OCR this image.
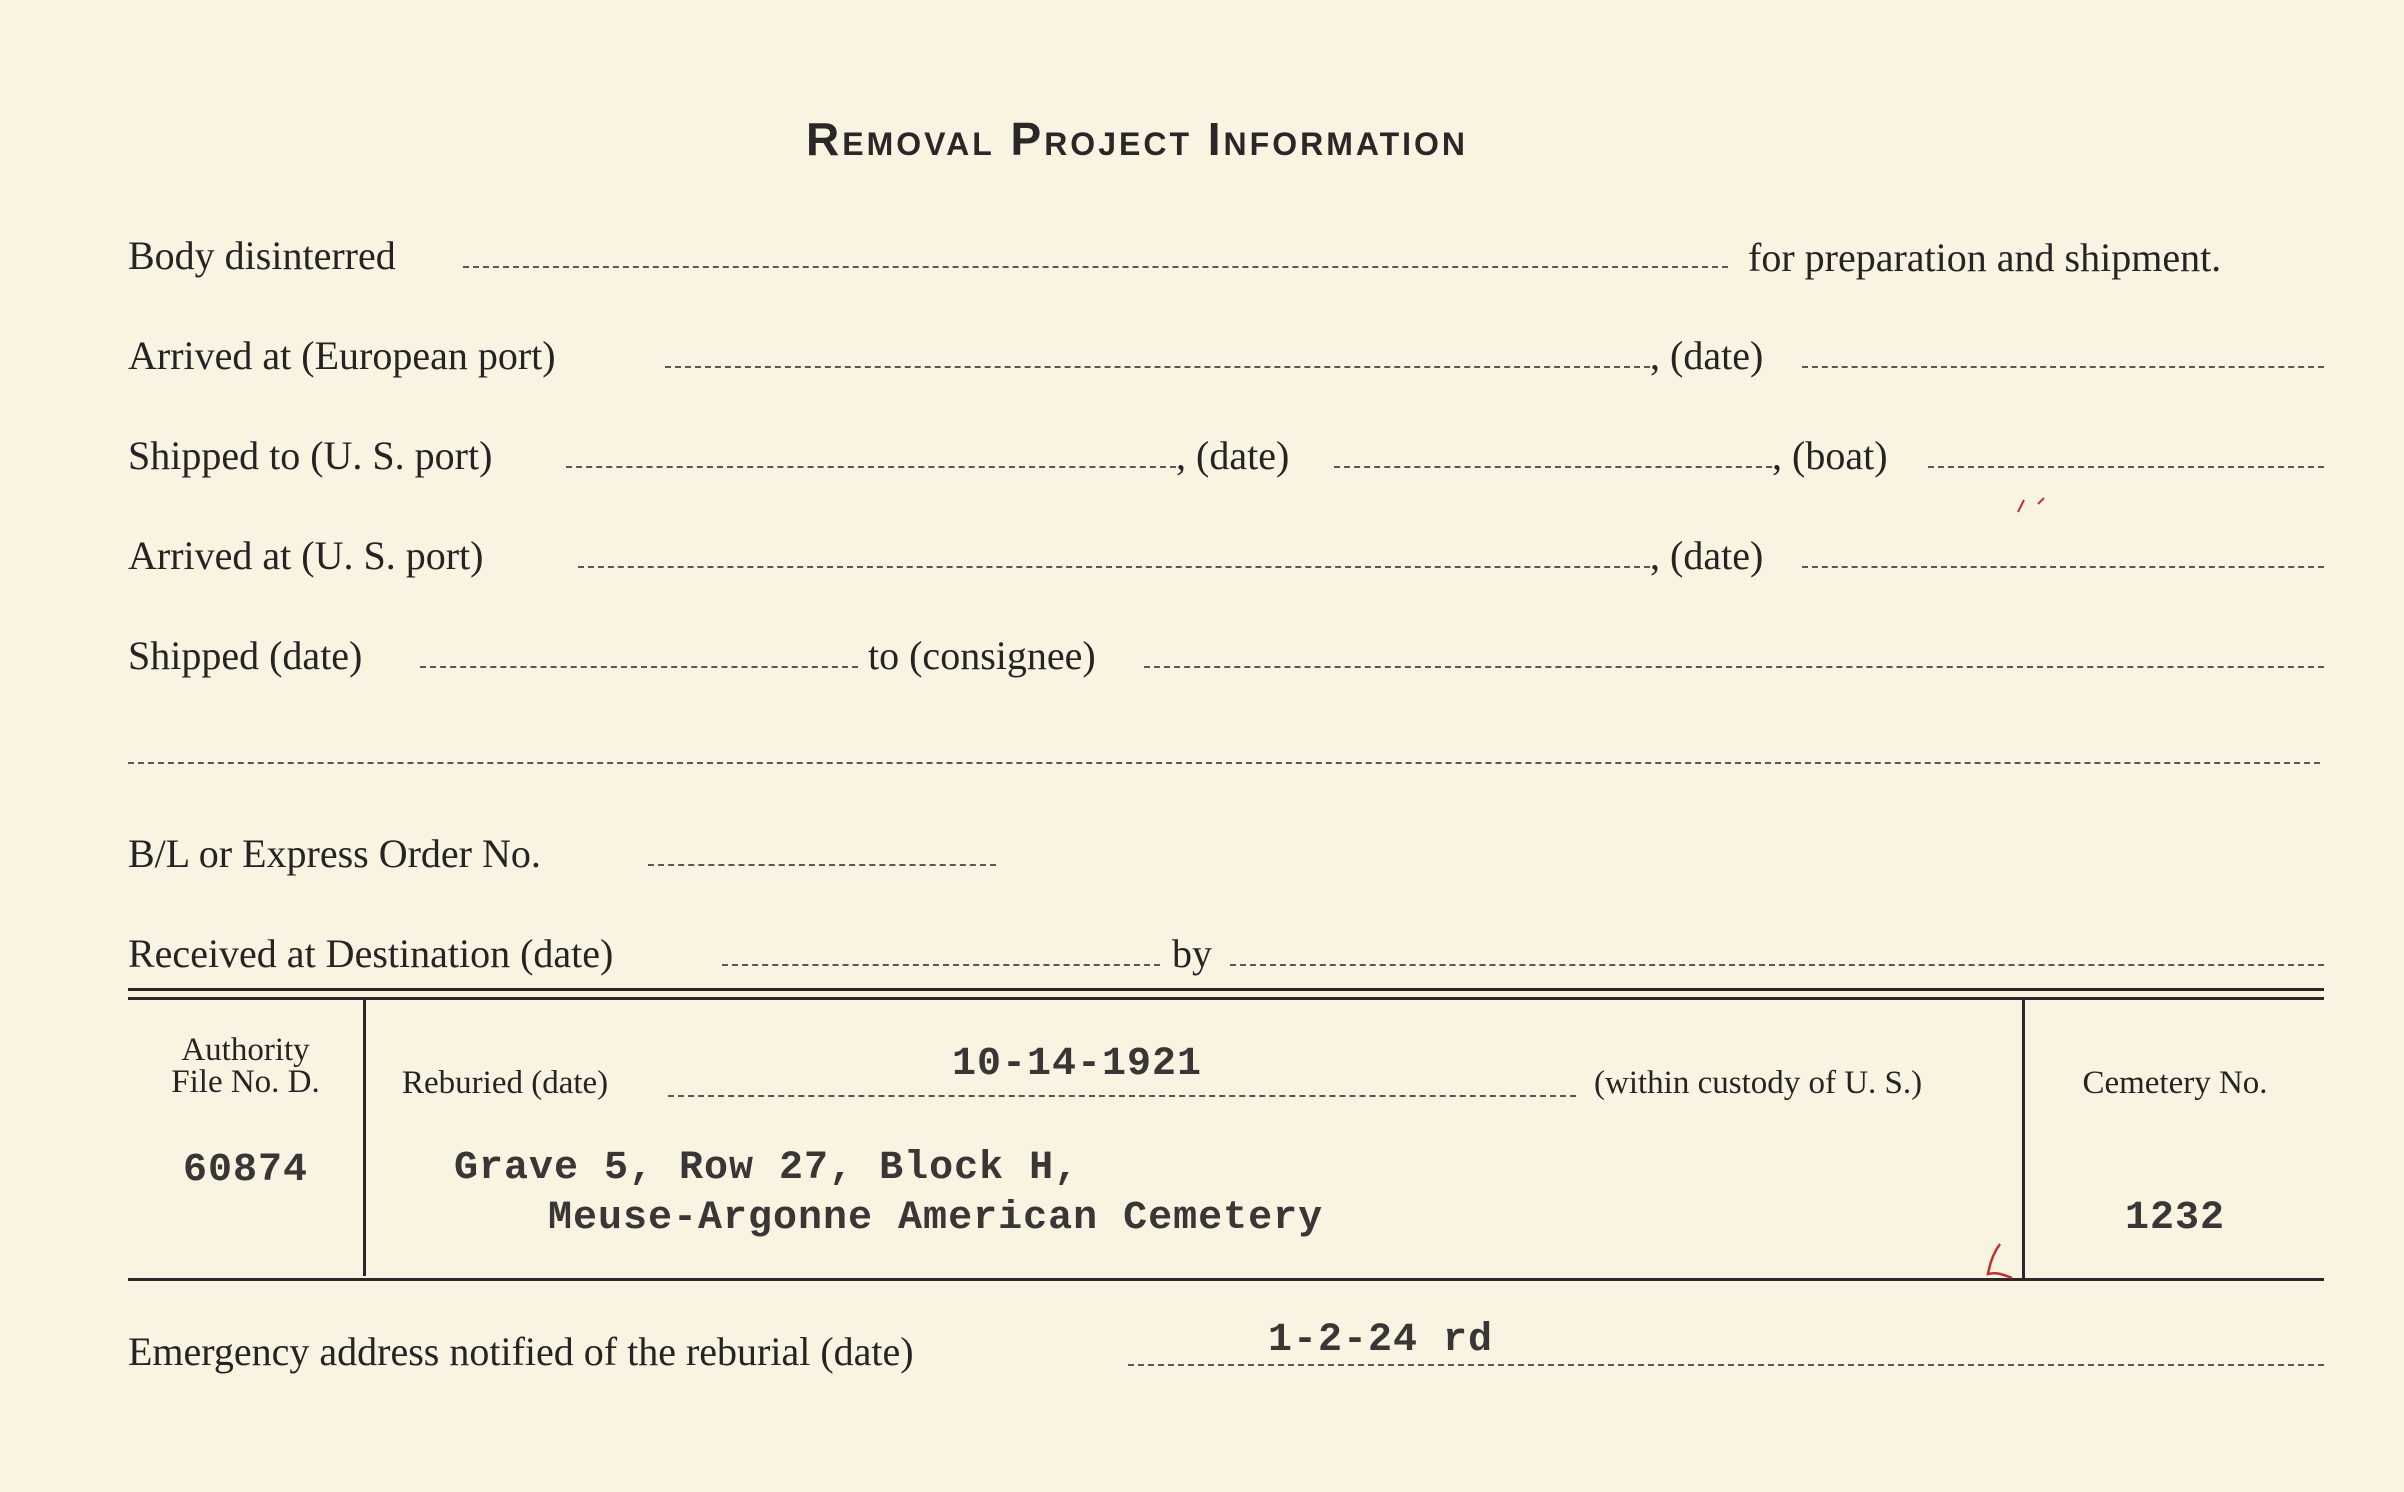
Removal Project Information
Body disinterred	for preparation and shipment.
Arrived at (European port)	, (date)
Shipped to (U. S. port)	, (date)	, (boat)
Arrived at (U. S. port)	, (date)
Shipped (date)	to (consignee)
B/L or Express Order No.
Received at Destination (date)	by
Authority
File No. D.
60874
Reburied (date)	10-14-1921	(within custody of U. S.)
Grave 5, Row 27, Block H,
Meuse-Argonne American Cemetery
Cemetery No.
1232
Emergency address notified of the reburial (date)	1-2-24 rd
